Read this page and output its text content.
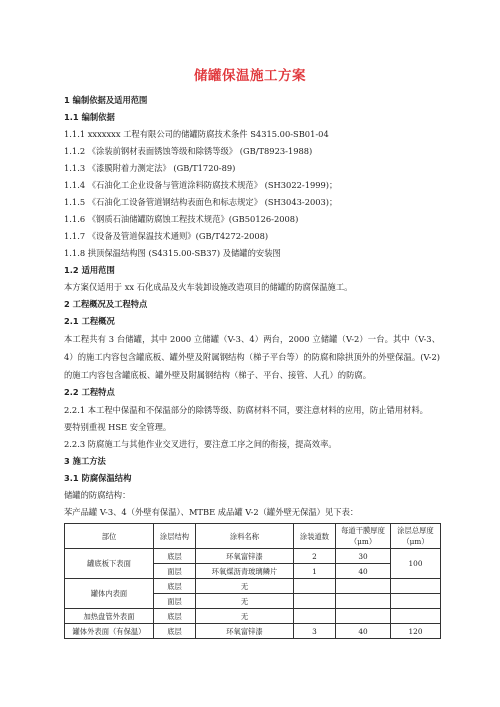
储罐保温施工方案
1 编制依据及适用范围
1.1 编制依据
1.1.1 xxxxxxx 工程有限公司的储罐防腐技术条件 S4315.00-SB01-04
1.1.2 《涂装前钢材表面锈蚀等级和除锈等级》 (GB/T8923-1988)
1.1.3 《漆膜附着力测定法》 (GB/T1720-89)
1.1.4 《石油化工企业设备与管道涂料防腐技术规范》 (SH3022-1999)；
1.1.5 《石油化工设备管道钢结构表面色和标志规定》 (SH3043-2003)；
1.1.6 《钢质石油储罐防腐蚀工程技术规范》(GB50126-2008)
1.1.7 《设备及管道保温技术通则》(GB/T4272-2008)
1.1.8 拱顶保温结构图 (S4315.00-SB37) 及储罐的安装图
1.2 适用范围
本方案仅适用于 xx 石化成品及火车装卸设施改造项目的储罐的防腐保温施工。
2 工程概况及工程特点
2.1 工程概况
本工程共有 3 台储罐，其中 2000 立储罐（V-3、4）两台，2000 立储罐（V-2）一台。其中（V-3、4）的施工内容包含罐底板、罐外壁及附属钢结构（梯子平台等）的防腐和除拱顶外的外壁保温。(V-2)的施工内容包含罐底板、罐外壁及附属钢结构（梯子、平台、接管、人孔）的防腐。
2.2 工程特点
2.2.1 本工程中保温和不保温部分的除锈等级、防腐材料不同，要注意材料的应用，防止错用材料。
要特别重视 HSE 安全管理。
2.2.3 防腐施工与其他作业交叉进行，要注意工序之间的衔接，提高效率。
3 施工方法
3.1 防腐保温结构
储罐的防腐结构：
苯产品罐 V-3、4（外壁有保温）、MTBE 成品罐 V-2（罐外壁无保温）见下表：
部位	涂层结构	涂料名称	涂装道数	每道干膜厚度（μm）	涂层总厚度（μm）
罐底板下表面	底层	环氧富锌漆	2	30	100
	面层	环氧煤沥青玻璃鳞片	1	40	
罐体内表面	底层	无			
	面层	无			
加热盘管外表面	底层	无			
罐体外表面（有保温）	底层	环氧富锌漆	3	40	120
